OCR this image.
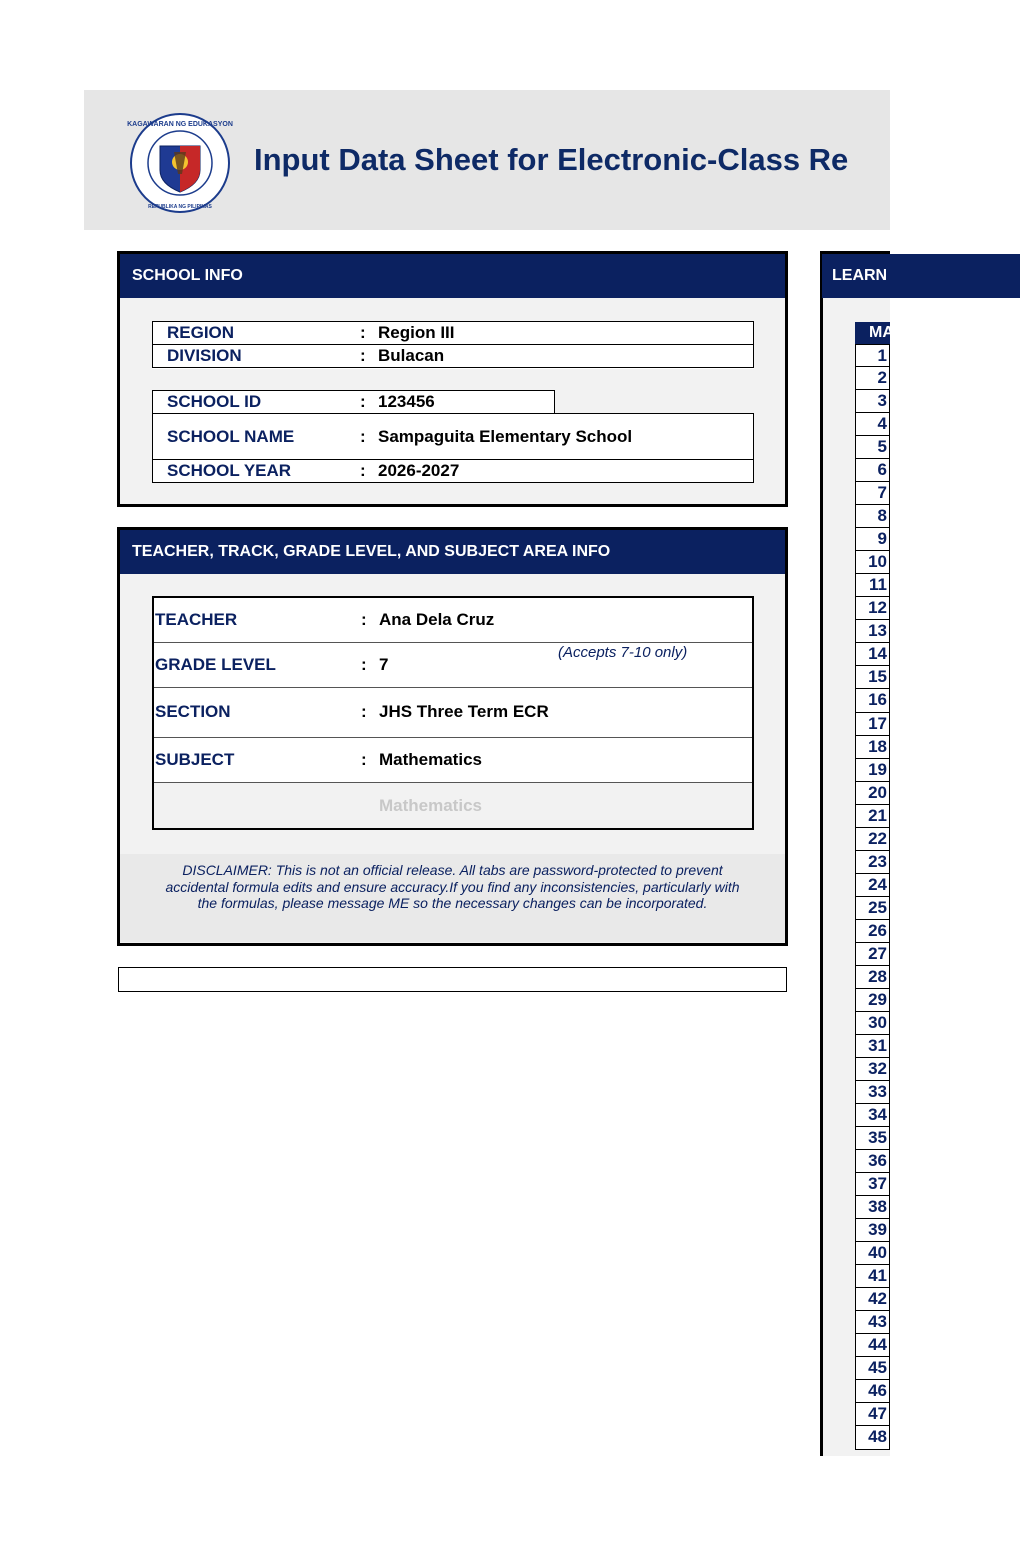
KAGAWARAN NG EDUKASYON
REPUBLIKA NG PILIPINAS
Input Data Sheet for Electronic-Class Re
SCHOOL INFO
REGION	: Region III
DIVISION	: Bulacan
SCHOOL ID	: 123456
SCHOOL NAME	: Sampaguita Elementary School
SCHOOL YEAR	: 2026-2027
TEACHER, TRACK, GRADE LEVEL, AND SUBJECT AREA INFO
TEACHER	: Ana Dela Cruz
GRADE LEVEL	: 7
(Accepts 7-10 only)
SECTION	: JHS Three Term ECR
SUBJECT	: Mathematics
Mathematics
DISCLAIMER: This is not an official release. All tabs are password-protected to prevent accidental formula edits and ensure accuracy.If you find any inconsistencies, particularly with the formulas, please message ME so the necessary changes can be incorporated.
LEARN
MA
1
2
3
4
5
6
7
8
9
10
11
12
13
14
15
16
17
18
19
20
21
22
23
24
25
26
27
28
29
30
31
32
33
34
35
36
37
38
39
40
41
42
43
44
45
46
47
48
